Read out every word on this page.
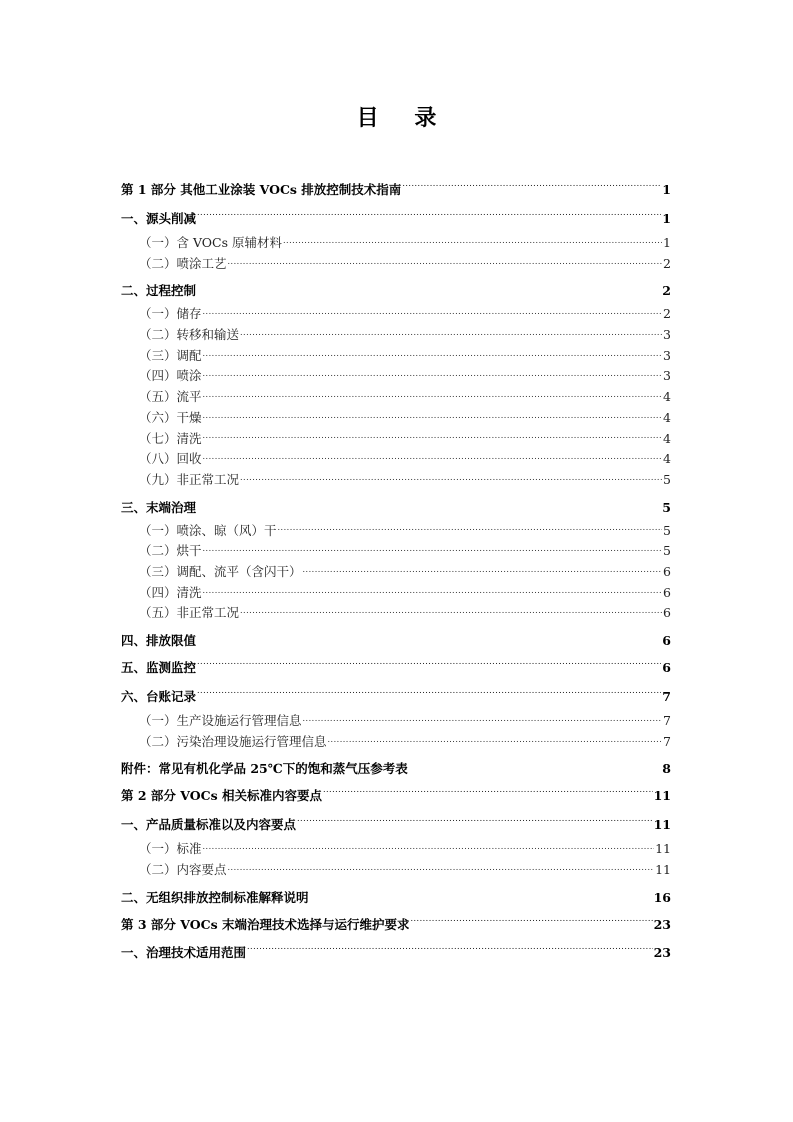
目 录
第 1 部分 其他工业涂装 VOCs 排放控制技术指南 .....	1
一、源头削减 .....	1
（一）含 VOCs 原辅材料 .....	1
（二）喷涂工艺 .....	2
二、过程控制 .....	2
（一）储存 .....	2
（二）转移和输送 .....	3
（三）调配 .....	3
（四）喷涂 .....	3
（五）流平 .....	4
（六）干燥 .....	4
（七）清洗 .....	4
（八）回收 .....	4
（九）非正常工况 .....	5
三、末端治理 .....	5
（一）喷涂、晾（风）干 .....	5
（二）烘干 .....	5
（三）调配、流平（含闪干） .....	6
（四）清洗 .....	6
（五）非正常工况 .....	6
四、排放限值 .....	6
五、监测监控 .....	6
六、台账记录 .....	7
（一）生产设施运行管理信息 .....	7
（二）污染治理设施运行管理信息 .....	7
附件：常见有机化学品 25℃下的饱和蒸气压参考表 .....	8
第 2 部分 VOCs 相关标准内容要点 .....	11
一、产品质量标准以及内容要点 .....	11
（一）标准 .....	11
（二）内容要点 .....	11
二、无组织排放控制标准解释说明 .....	16
第 3 部分 VOCs 末端治理技术选择与运行维护要求 .....	23
一、治理技术适用范围 .....	23
